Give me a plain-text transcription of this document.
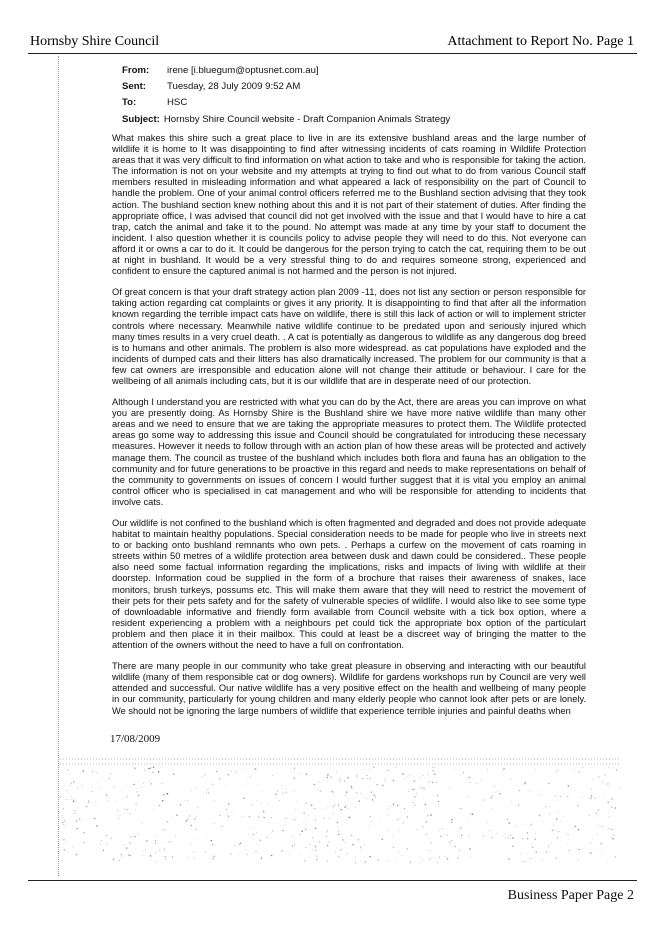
Hornsby Shire Council	Attachment to Report No. Page 1
From:	irene [i.bluegum@optusnet.com.au]
Sent:	Tuesday, 28 July 2009 9:52 AM
To:	HSC
Subject: Hornsby Shire Council website - Draft Companion Animals Strategy

What makes this shire such a great place to live in are its extensive bushland areas and the large number of wildlife it is home to It was disappointing to find after witnessing incidents of cats roaming in Wildlife Protection areas that it was very difficult to find information on what action to take and who is responsible for taking the action. The information is not on your website and my attempts at trying to find out what to do from various Council staff members resulted in misleading information and what appeared a lack of responsibility on the part of Council to handle the problem. One of your animal control officers referred me to the Bushland section advising that they took action. The bushland section knew nothing about this and it is not part of their statement of duties. After finding the appropriate office, I was advised that council did not get involved with the issue and that I would have to hire a cat trap, catch the animal and take it to the pound. No attempt was made at any time by your staff to document the incident. I also question whether it is councils policy to advise people they will need to do this. Not everyone can afford it or owns a car to do it. It could be dangerous for the person trying to catch the cat, requiring them to be out at night in bushland. It would be a very stressful thing to do and requires someone strong, experienced and confident to ensure the captured animal is not harmed and the person is not injured.

Of great concern is that your draft strategy action plan 2009 -11, does not list any section or person responsible for taking action regarding cat complaints or gives it any priority. It is disappointing to find that after all the information known regarding the terrible impact cats have on wildlife, there is still this lack of action or will to implement stricter controls where necessary. Meanwhile native wildlife continue to be predated upon and seriously injured which many times results in a very cruel death. . A cat is potentially as dangerous to wildlife as any dangerous dog breed is to humans and other animals. The problem is also more widespread. as cat populations have exploded and the incidents of dumped cats and their litters has also dramatically increased. The problem for our community is that a few cat owners are irresponsible and education alone will not change their attitude or behaviour. I care for the wellbeing of all animals including cats, but it is our wildlife that are in desperate need of our protection.

Although I understand you are restricted with what you can do by the Act, there are areas you can improve on what you are presently doing. As Hornsby Shire is the Bushland shire we have more native wildlife than many other areas and we need to ensure that we are taking the appropriate measures to protect them. The Wildlife protected areas go some way to addressing this issue and Council should be congratulated for introducing these necessary measures. However it needs to follow through with an action plan of how these areas will be protected and actively manage them. The council as trustee of the bushland which includes both flora and fauna has an obligation to the community and for future generations to be proactive in this regard and needs to make representations on behalf of the community to governments on issues of concern I would further suggest that it is vital you employ an animal control officer who is specialised in cat management and who will be responsible for attending to incidents that involve cats.

Our wildlife is not confined to the bushland which is often fragmented and degraded and does not provide adequate habitat to maintain healthy populations. Special consideration needs to be made for people who live in streets next to or backing onto bushland remnants who own pets. . Perhaps a curfew on the movement of cats roaming in streets within 50 metres of a wildlife protection area between dusk and dawn could be considered.. These people also need some factual information regarding the implications, risks and impacts of living with wildlife at their doorstep. Information coud be supplied in the form of a brochure that raises their awareness of snakes, lace monitors, brush turkeys, possums etc. This will make them aware that they will need to restrict the movement of their pets for their pets safety and for the safety of vulnerable species of wildlife. I would also like to see some type of downloadable informative and friendly form available from Council website with a tick box option, where a resident experiencing a problem with a neighbours pet could tick the appropriate box option of the particulart problem and then place it in their mailbox. This could at least be a discreet way of bringing the matter to the attention of the owners without the need to have a full on confrontation.

There are many people in our community who take great pleasure in observing and interacting with our beautiful wildlife (many of them responsible cat or dog owners). Wildlife for gardens workshops run by Council are very well attended and successful. Our native wildlife has a very positive effect on the health and wellbeing of many people in our community, particularly for young children and many elderly people who cannot look after pets or are lonely. We should not be ignoring the large numbers of wildlife that experience terrible injuries and painful deaths when

17/08/2009
Business Paper Page 2
